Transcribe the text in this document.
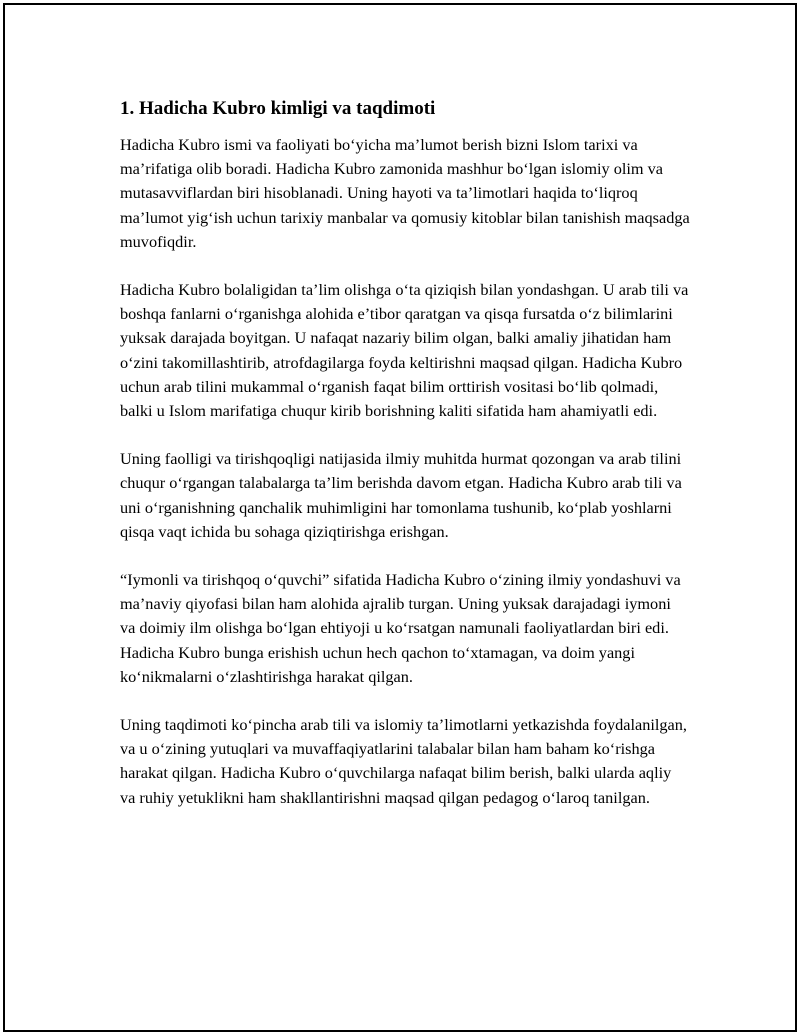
1. Hadicha Kubro kimligi va taqdimoti

Hadicha Kubro ismi va faoliyati bo‘yicha ma’lumot berish bizni Islom tarixi va ma’rifatiga olib boradi. Hadicha Kubro zamonida mashhur bo‘lgan islomiy olim va mutasavviflardan biri hisoblanadi. Uning hayoti va ta’limotlari haqida to‘liqroq ma’lumot yig‘ish uchun tarixiy manbalar va qomusiy kitoblar bilan tanishish maqsadga muvofiqdir.

Hadicha Kubro bolaligidan ta’lim olishga o‘ta qiziqish bilan yondashgan. U arab tili va boshqa fanlarni o‘rganishga alohida e’tibor qaratgan va qisqa fursatda o‘z bilimlarini yuksak darajada boyitgan. U nafaqat nazariy bilim olgan, balki amaliy jihatidan ham o‘zini takomillashtirib, atrofdagilarga foyda keltirishni maqsad qilgan. Hadicha Kubro uchun arab tilini mukammal o‘rganish faqat bilim orttirish vositasi bo‘lib qolmadi, balki u Islom marifatiga chuqur kirib borishning kaliti sifatida ham ahamiyatli edi.

Uning faolligi va tirishqoqligi natijasida ilmiy muhitda hurmat qozongan va arab tilini chuqur o‘rgangan talabalarga ta’lim berishda davom etgan. Hadicha Kubro arab tili va uni o‘rganishning qanchalik muhimligini har tomonlama tushunib, ko‘plab yoshlarni qisqa vaqt ichida bu sohaga qiziqtirishga erishgan.

“Iymonli va tirishqoq o‘quvchi” sifatida Hadicha Kubro o‘zining ilmiy yondashuvi va ma’naviy qiyofasi bilan ham alohida ajralib turgan. Uning yuksak darajadagi iymoni va doimiy ilm olishga bo‘lgan ehtiyoji u ko‘rsatgan namunali faoliyatlardan biri edi. Hadicha Kubro bunga erishish uchun hech qachon to‘xtamagan, va doim yangi ko‘nikmalarni o‘zlashtirishga harakat qilgan.

Uning taqdimoti ko‘pincha arab tili va islomiy ta’limotlarni yetkazishda foydalanilgan, va u o‘zining yutuqlari va muvaffaqiyatlarini talabalar bilan ham baham ko‘rishga harakat qilgan. Hadicha Kubro o‘quvchilarga nafaqat bilim berish, balki ularda aqliy va ruhiy yetuklikni ham shakllantirishni maqsad qilgan pedagog o‘laroq tanilgan.
